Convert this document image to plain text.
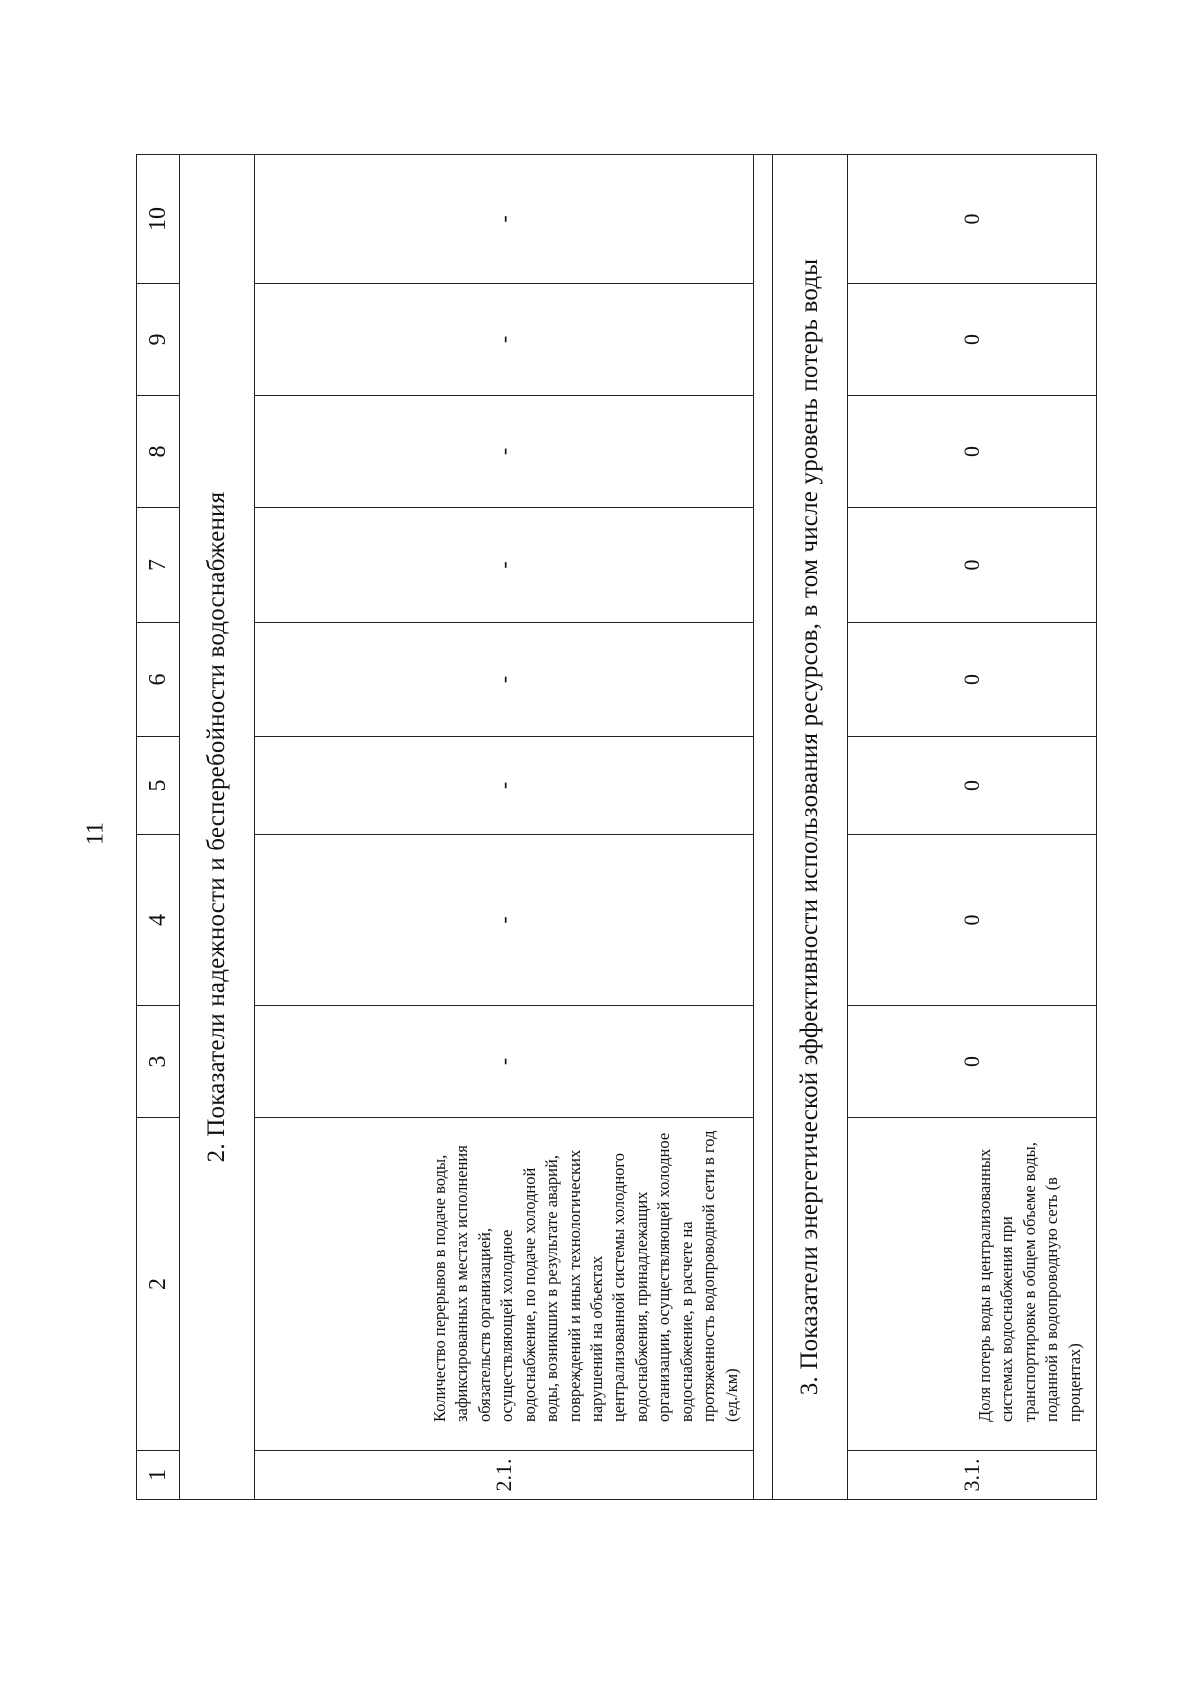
11
1	2	3	4	5	6	7	8	9	10
2. Показатели надежности и бесперебойности водоснабжения									
2.1.	Количество перерывов в подаче воды, зафиксированных в местах исполнения обязательств организацией, осуществляющей холодное водоснабжение, по подаче холодной воды, возникших в результате аварий, повреждений и иных технологических нарушений на объектах централизованной системы холодного водоснабжения, принадлежащих организации, осуществляющей холодное водоснабжение, в расчете на протяженность водопроводной сети в год (ед./км)	-	-	-	-	-	-	-	-

3. Показатели энергетической эффективности использования ресурсов, в том числе уровень потерь воды									
3.1.	Доля потерь воды в централизованных системах водоснабжения при транспортировке в общем объеме воды, поданной в водопроводную сеть (в процентах)	0	0	0	0	0	0	0	0
